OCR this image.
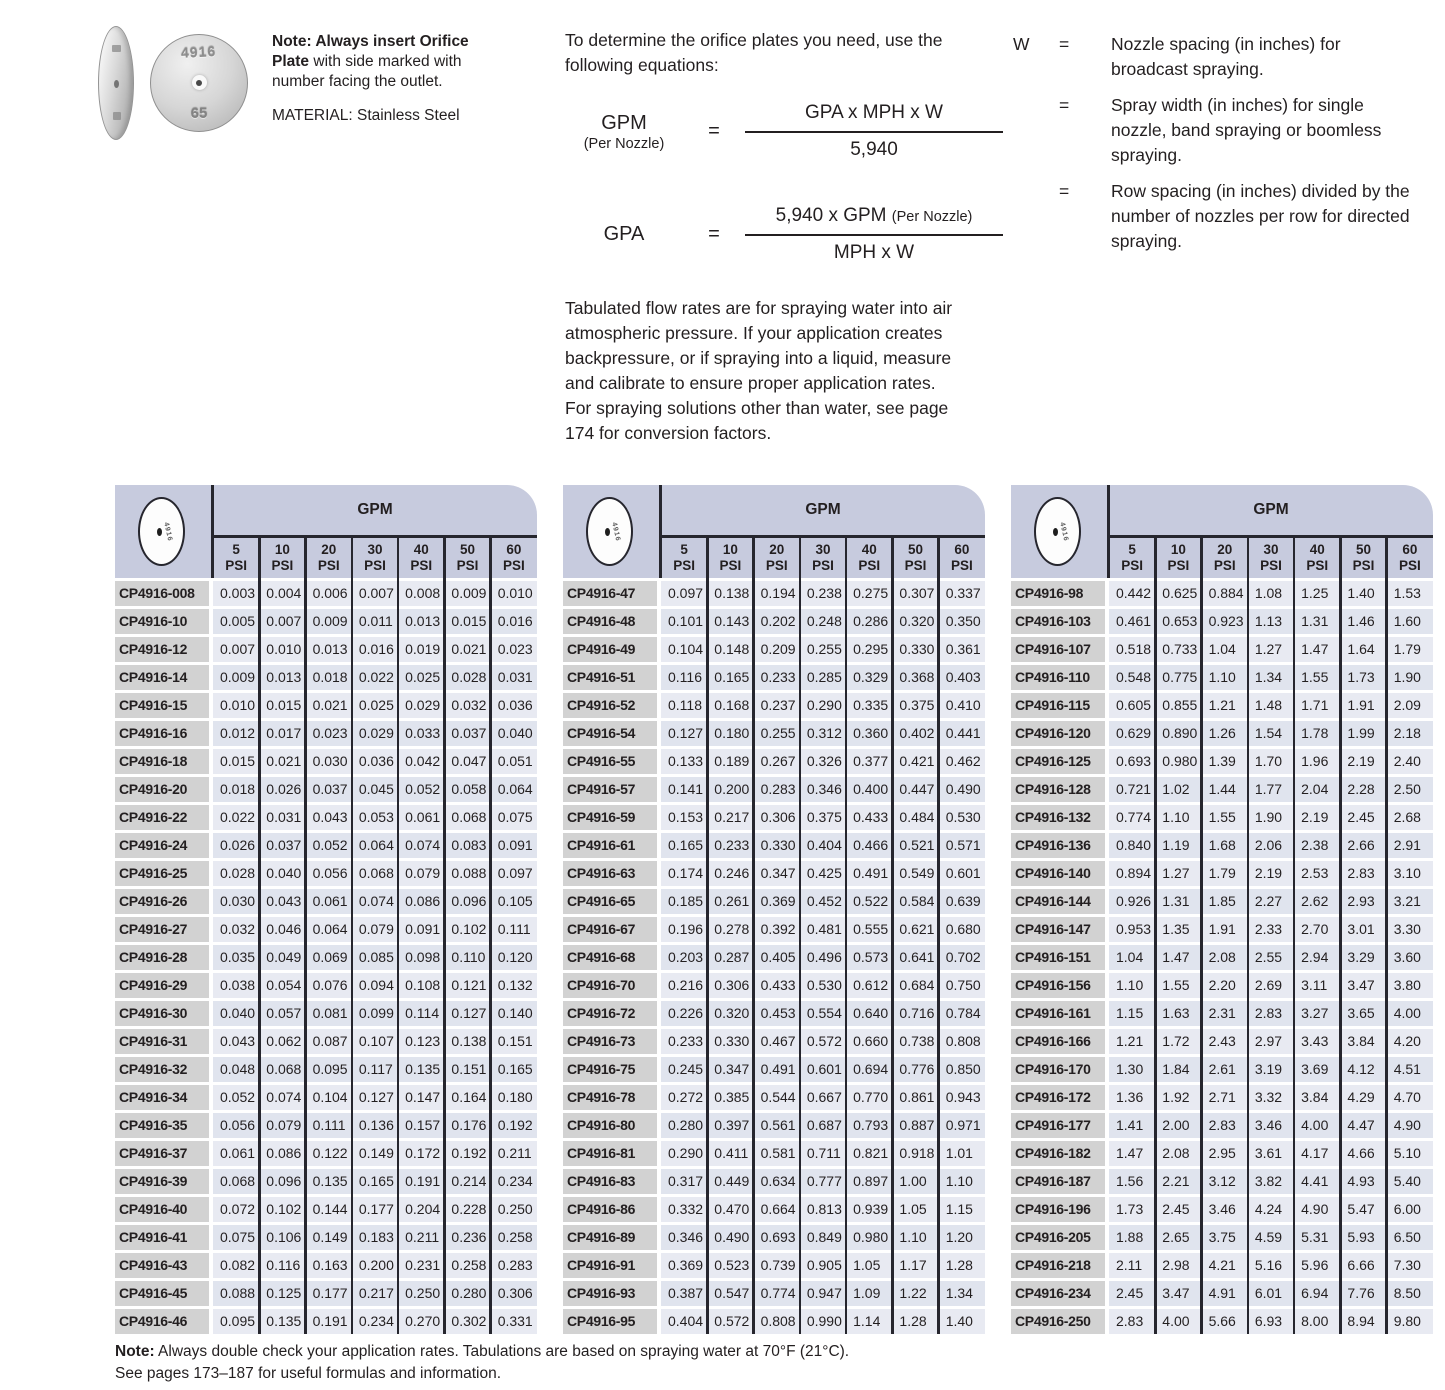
4916
65
Note: Always insert Orifice Plate with side marked with number facing the outlet.
MATERIAL: Stainless Steel
To determine the orifice plates you need, use the following equations:
GPM
(Per Nozzle)
=	$\frac{\text{GPA x MPH x W}}{5,940}$
GPA	=	$\frac{\text{5,940 x GPM (Per Nozzle)}}{\text{MPH x W}}$
Tabulated flow rates are for spraying water into air atmospheric pressure. If your application creates backpressure, or if spraying into a liquid, measure and calibrate to ensure proper application rates. For spraying solutions other than water, see page 174 for conversion factors.
W	=	Nozzle spacing (in inches) for broadcast spraying.
=	Spray width (in inches) for single nozzle, band spraying or boomless spraying.
=	Row spacing (in inches) divided by the number of nozzles per row for directed spraying.
4916
GPM
5
PSI
10
PSI
20
PSI
30
PSI
40
PSI
50
PSI
60
PSI
CP4916-008	0.003 0.004 0.006 0.007 0.008 0.009 0.010
CP4916-10	0.005 0.007 0.009 0.011 0.013 0.015 0.016
CP4916-12	0.007 0.010 0.013 0.016 0.019 0.021 0.023
CP4916-14	0.009 0.013 0.018 0.022 0.025 0.028 0.031
CP4916-15	0.010 0.015 0.021 0.025 0.029 0.032 0.036
CP4916-16	0.012 0.017 0.023 0.029 0.033 0.037 0.040
CP4916-18	0.015 0.021 0.030 0.036 0.042 0.047 0.051
CP4916-20	0.018 0.026 0.037 0.045 0.052 0.058 0.064
CP4916-22	0.022 0.031 0.043 0.053 0.061 0.068 0.075
CP4916-24	0.026 0.037 0.052 0.064 0.074 0.083 0.091
CP4916-25	0.028 0.040 0.056 0.068 0.079 0.088 0.097
CP4916-26	0.030 0.043 0.061 0.074 0.086 0.096 0.105
CP4916-27	0.032 0.046 0.064 0.079 0.091 0.102 0.111
CP4916-28	0.035 0.049 0.069 0.085 0.098 0.110 0.120
CP4916-29	0.038 0.054 0.076 0.094 0.108 0.121 0.132
CP4916-30	0.040 0.057 0.081 0.099 0.114 0.127 0.140
CP4916-31	0.043 0.062 0.087 0.107 0.123 0.138 0.151
CP4916-32	0.048 0.068 0.095 0.117 0.135 0.151 0.165
CP4916-34	0.052 0.074 0.104 0.127 0.147 0.164 0.180
CP4916-35	0.056 0.079 0.111 0.136 0.157 0.176 0.192
CP4916-37	0.061 0.086 0.122 0.149 0.172 0.192 0.211
CP4916-39	0.068 0.096 0.135 0.165 0.191 0.214 0.234
CP4916-40	0.072 0.102 0.144 0.177 0.204 0.228 0.250
CP4916-41	0.075 0.106 0.149 0.183 0.211 0.236 0.258
CP4916-43	0.082 0.116 0.163 0.200 0.231 0.258 0.283
CP4916-45	0.088 0.125 0.177 0.217 0.250 0.280 0.306
CP4916-46	0.095 0.135 0.191 0.234 0.270 0.302 0.331
4916
GPM
5
PSI
10
PSI
20
PSI
30
PSI
40
PSI
50
PSI
60
PSI
CP4916-47	0.097 0.138 0.194 0.238 0.275 0.307 0.337
CP4916-48	0.101 0.143 0.202 0.248 0.286 0.320 0.350
CP4916-49	0.104 0.148 0.209 0.255 0.295 0.330 0.361
CP4916-51	0.116 0.165 0.233 0.285 0.329 0.368 0.403
CP4916-52	0.118 0.168 0.237 0.290 0.335 0.375 0.410
CP4916-54	0.127 0.180 0.255 0.312 0.360 0.402 0.441
CP4916-55	0.133 0.189 0.267 0.326 0.377 0.421 0.462
CP4916-57	0.141 0.200 0.283 0.346 0.400 0.447 0.490
CP4916-59	0.153 0.217 0.306 0.375 0.433 0.484 0.530
CP4916-61	0.165 0.233 0.330 0.404 0.466 0.521 0.571
CP4916-63	0.174 0.246 0.347 0.425 0.491 0.549 0.601
CP4916-65	0.185 0.261 0.369 0.452 0.522 0.584 0.639
CP4916-67	0.196 0.278 0.392 0.481 0.555 0.621 0.680
CP4916-68	0.203 0.287 0.405 0.496 0.573 0.641 0.702
CP4916-70	0.216 0.306 0.433 0.530 0.612 0.684 0.750
CP4916-72	0.226 0.320 0.453 0.554 0.640 0.716 0.784
CP4916-73	0.233 0.330 0.467 0.572 0.660 0.738 0.808
CP4916-75	0.245 0.347 0.491 0.601 0.694 0.776 0.850
CP4916-78	0.272 0.385 0.544 0.667 0.770 0.861 0.943
CP4916-80	0.280 0.397 0.561 0.687 0.793 0.887 0.971
CP4916-81	0.290 0.411 0.581 0.711 0.821 0.918 1.01
CP4916-83	0.317 0.449 0.634 0.777 0.897 1.00	1.10
CP4916-86	0.332 0.470 0.664 0.813 0.939 1.05	1.15
CP4916-89	0.346 0.490 0.693 0.849 0.980 1.10	1.20
CP4916-91	0.369 0.523 0.739 0.905 1.05	1.17	1.28
CP4916-93	0.387 0.547 0.774 0.947 1.09	1.22	1.34
CP4916-95	0.404 0.572 0.808 0.990 1.14	1.28	1.40
4916
GPM
5
PSI
10
PSI
20
PSI
30
PSI
40
PSI
50
PSI
60
PSI
CP4916-98	0.442 0.625 0.884 1.08	1.25	1.40	1.53
CP4916-103	0.461 0.653 0.923 1.13	1.31	1.46	1.60
CP4916-107	0.518 0.733 1.04	1.27	1.47	1.64	1.79
CP4916-110	0.548 0.775 1.10	1.34	1.55	1.73	1.90
CP4916-115	0.605 0.855 1.21	1.48	1.71	1.91	2.09
CP4916-120	0.629 0.890 1.26	1.54	1.78	1.99	2.18
CP4916-125	0.693 0.980 1.39	1.70	1.96	2.19	2.40
CP4916-128	0.721 1.02	1.44	1.77	2.04	2.28	2.50
CP4916-132	0.774 1.10	1.55	1.90	2.19	2.45	2.68
CP4916-136	0.840 1.19	1.68	2.06	2.38	2.66	2.91
CP4916-140	0.894 1.27	1.79	2.19	2.53	2.83	3.10
CP4916-144	0.926 1.31	1.85	2.27	2.62	2.93	3.21
CP4916-147	0.953 1.35	1.91	2.33	2.70	3.01	3.30
CP4916-151	1.04	1.47	2.08	2.55	2.94	3.29	3.60
CP4916-156	1.10	1.55	2.20	2.69	3.11	3.47	3.80
CP4916-161	1.15	1.63	2.31	2.83	3.27	3.65	4.00
CP4916-166	1.21	1.72	2.43	2.97	3.43	3.84	4.20
CP4916-170	1.30	1.84	2.61	3.19	3.69	4.12	4.51
CP4916-172	1.36	1.92	2.71	3.32	3.84	4.29	4.70
CP4916-177	1.41	2.00	2.83	3.46	4.00	4.47	4.90
CP4916-182	1.47	2.08	2.95	3.61	4.17	4.66	5.10
CP4916-187	1.56	2.21	3.12	3.82	4.41	4.93	5.40
CP4916-196	1.73	2.45	3.46	4.24	4.90	5.47	6.00
CP4916-205	1.88	2.65	3.75	4.59	5.31	5.93	6.50
CP4916-218	2.11	2.98	4.21	5.16	5.96	6.66	7.30
CP4916-234	2.45	3.47	4.91	6.01	6.94	7.76	8.50
CP4916-250	2.83	4.00	5.66	6.93	8.00	8.94	9.80
Note: Always double check your application rates. Tabulations are based on spraying water at 70°F (21°C).
See pages 173–187 for useful formulas and information.
